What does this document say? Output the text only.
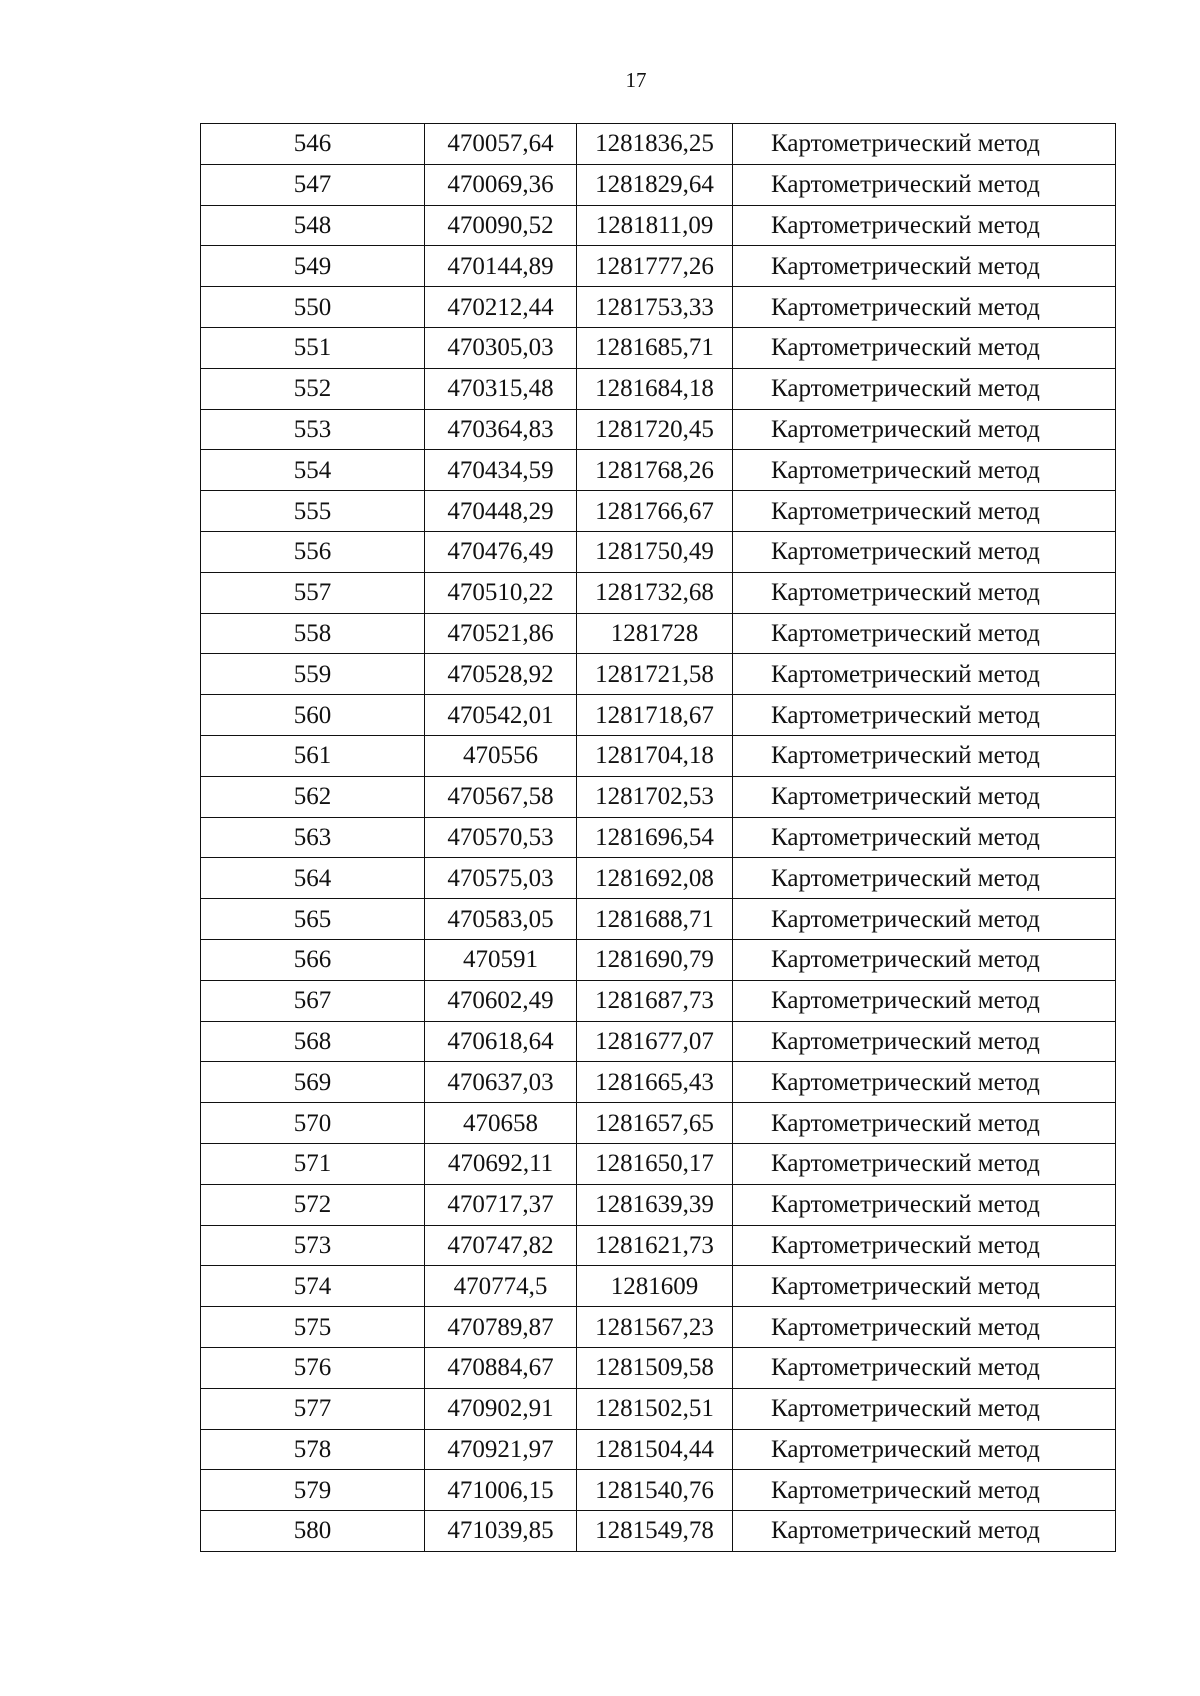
17
546	470057,64	1281836,25	Картометрический метод
547	470069,36	1281829,64	Картометрический метод
548	470090,52	1281811,09	Картометрический метод
549	470144,89	1281777,26	Картометрический метод
550	470212,44	1281753,33	Картометрический метод
551	470305,03	1281685,71	Картометрический метод
552	470315,48	1281684,18	Картометрический метод
553	470364,83	1281720,45	Картометрический метод
554	470434,59	1281768,26	Картометрический метод
555	470448,29	1281766,67	Картометрический метод
556	470476,49	1281750,49	Картометрический метод
557	470510,22	1281732,68	Картометрический метод
558	470521,86	1281728	Картометрический метод
559	470528,92	1281721,58	Картометрический метод
560	470542,01	1281718,67	Картометрический метод
561	470556	1281704,18	Картометрический метод
562	470567,58	1281702,53	Картометрический метод
563	470570,53	1281696,54	Картометрический метод
564	470575,03	1281692,08	Картометрический метод
565	470583,05	1281688,71	Картометрический метод
566	470591	1281690,79	Картометрический метод
567	470602,49	1281687,73	Картометрический метод
568	470618,64	1281677,07	Картометрический метод
569	470637,03	1281665,43	Картометрический метод
570	470658	1281657,65	Картометрический метод
571	470692,11	1281650,17	Картометрический метод
572	470717,37	1281639,39	Картометрический метод
573	470747,82	1281621,73	Картометрический метод
574	470774,5	1281609	Картометрический метод
575	470789,87	1281567,23	Картометрический метод
576	470884,67	1281509,58	Картометрический метод
577	470902,91	1281502,51	Картометрический метод
578	470921,97	1281504,44	Картометрический метод
579	471006,15	1281540,76	Картометрический метод
580	471039,85	1281549,78	Картометрический метод
